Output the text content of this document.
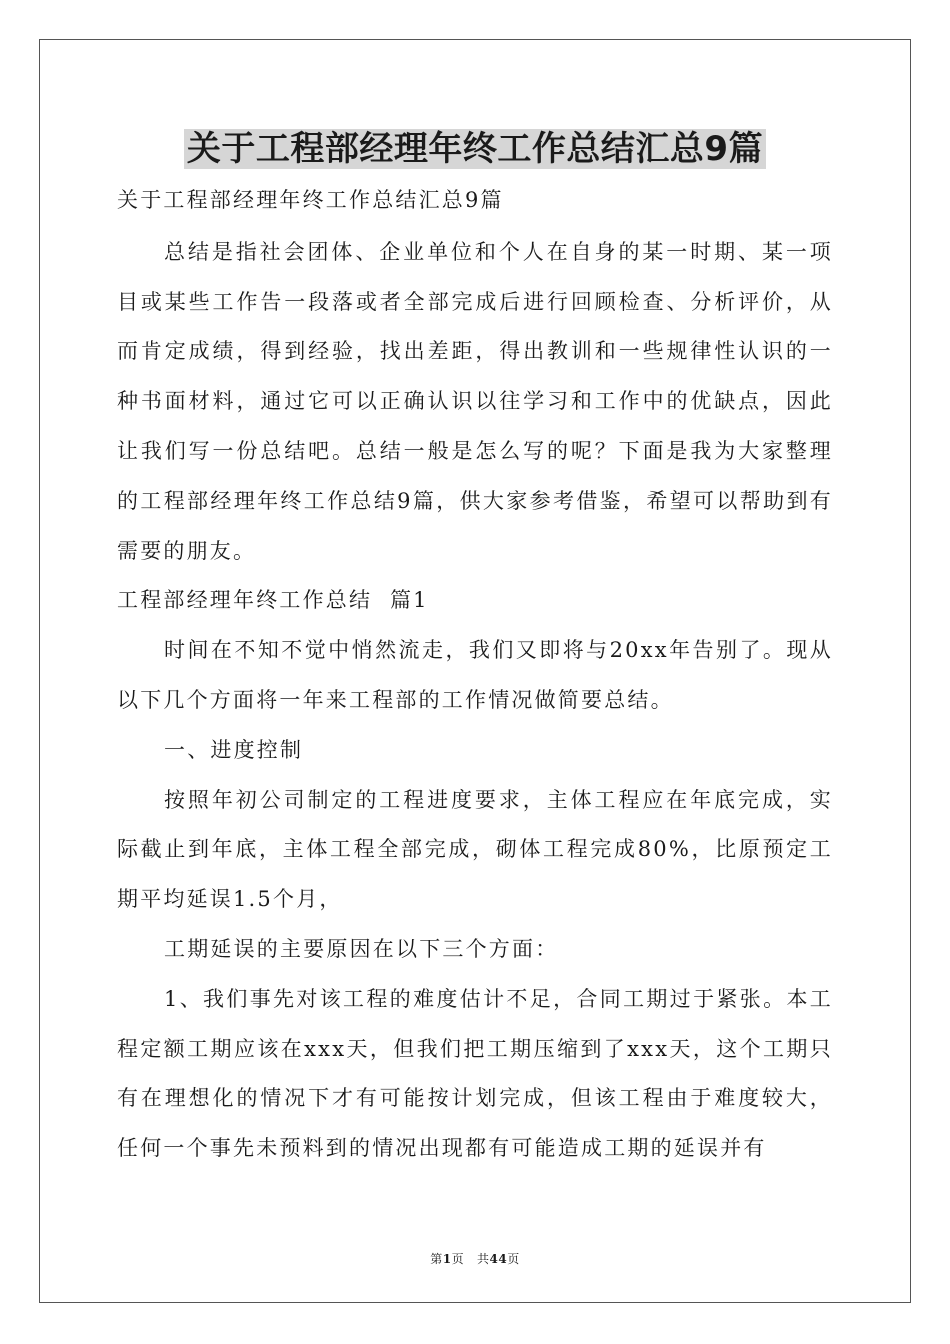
关于工程部经理年终工作总结汇总9篇

关于工程部经理年终工作总结汇总9篇

总结是指社会团体、企业单位和个人在自身的某一时期、某一项目或某些工作告一段落或者全部完成后进行回顾检查、分析评价，从而肯定成绩，得到经验，找出差距，得出教训和一些规律性认识的一种书面材料，通过它可以正确认识以往学习和工作中的优缺点，因此让我们写一份总结吧。总结一般是怎么写的呢？下面是我为大家整理的工程部经理年终工作总结9篇，供大家参考借鉴，希望可以帮助到有需要的朋友。

工程部经理年终工作总结  篇1

时间在不知不觉中悄然流走，我们又即将与20xx年告别了。现从以下几个方面将一年来工程部的工作情况做简要总结。

一、进度控制

按照年初公司制定的工程进度要求，主体工程应在年底完成，实际截止到年底，主体工程全部完成，砌体工程完成80%，比原预定工期平均延误1.5个月，

工期延误的主要原因在以下三个方面：

1、我们事先对该工程的难度估计不足，合同工期过于紧张。本工程定额工期应该在xxx天，但我们把工期压缩到了xxx天，这个工期只有在理想化的情况下才有可能按计划完成，但该工程由于难度较大，任何一个事先未预料到的情况出现都有可能造成工期的延误并有

第1页   共44页
